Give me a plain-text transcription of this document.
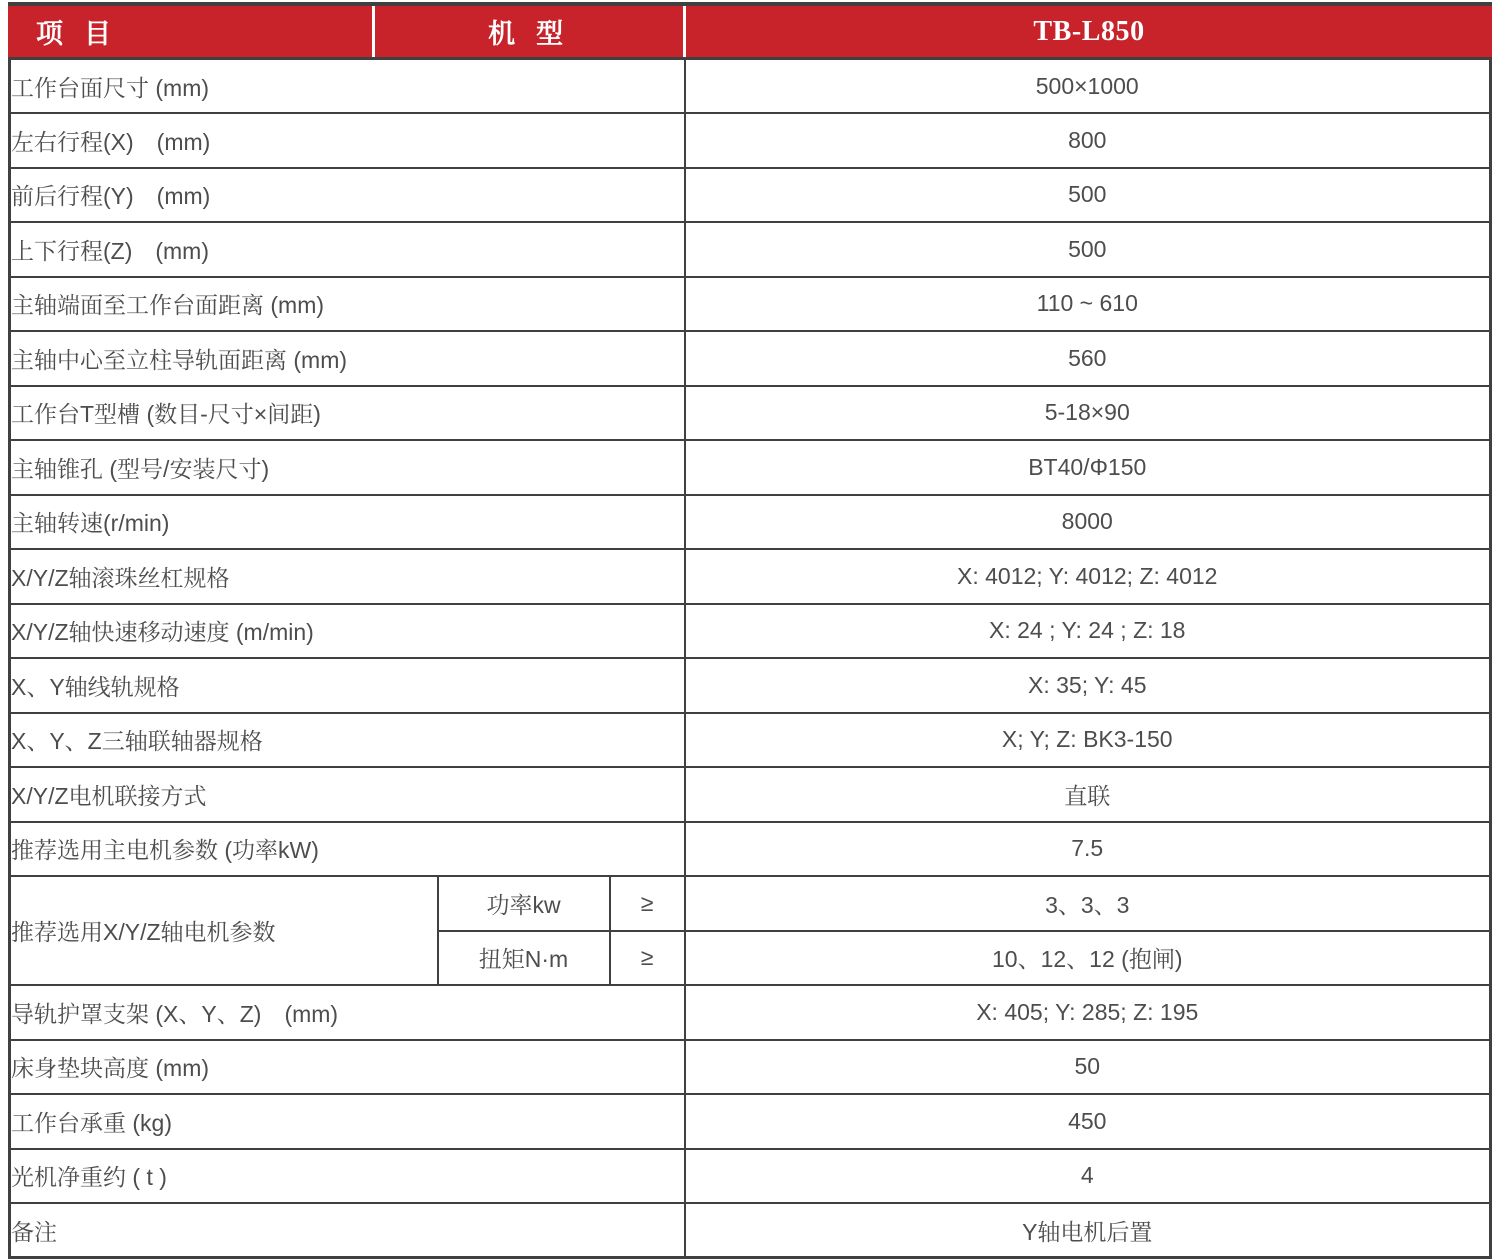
项 目	机 型	TB-L850
工作台面尺寸 (mm)			500×1000
左右行程(X)　(mm)			800
前后行程(Y)　(mm)			500
上下行程(Z)　(mm)			500
主轴端面至工作台面距离 (mm)			110 ~ 610
主轴中心至立柱导轨面距离 (mm)			560
工作台T型槽 (数目-尺寸×间距)			5-18×90
主轴锥孔 (型号/安装尺寸)			BT40/Φ150
主轴转速(r/min)			8000
X/Y/Z轴滚珠丝杠规格			X: 4012; Y: 4012; Z: 4012
X/Y/Z轴快速移动速度 (m/min)			X: 24 ; Y: 24 ; Z: 18
X、Y轴线轨规格			X: 35; Y: 45
X、Y、Z三轴联轴器规格			X; Y; Z: BK3-150
X/Y/Z电机联接方式			直联
推荐选用主电机参数 (功率kW)			7.5
推荐选用X/Y/Z轴电机参数	功率kw	≥	3、3、3
	扭矩N·m	≥	10、12、12 (抱闸)
导轨护罩支架 (X、Y、Z)　(mm)			X: 405; Y: 285; Z: 195
床身垫块高度 (mm)			50
工作台承重 (kg)			450
光机净重约 ( t )			4
备注			Y轴电机后置
